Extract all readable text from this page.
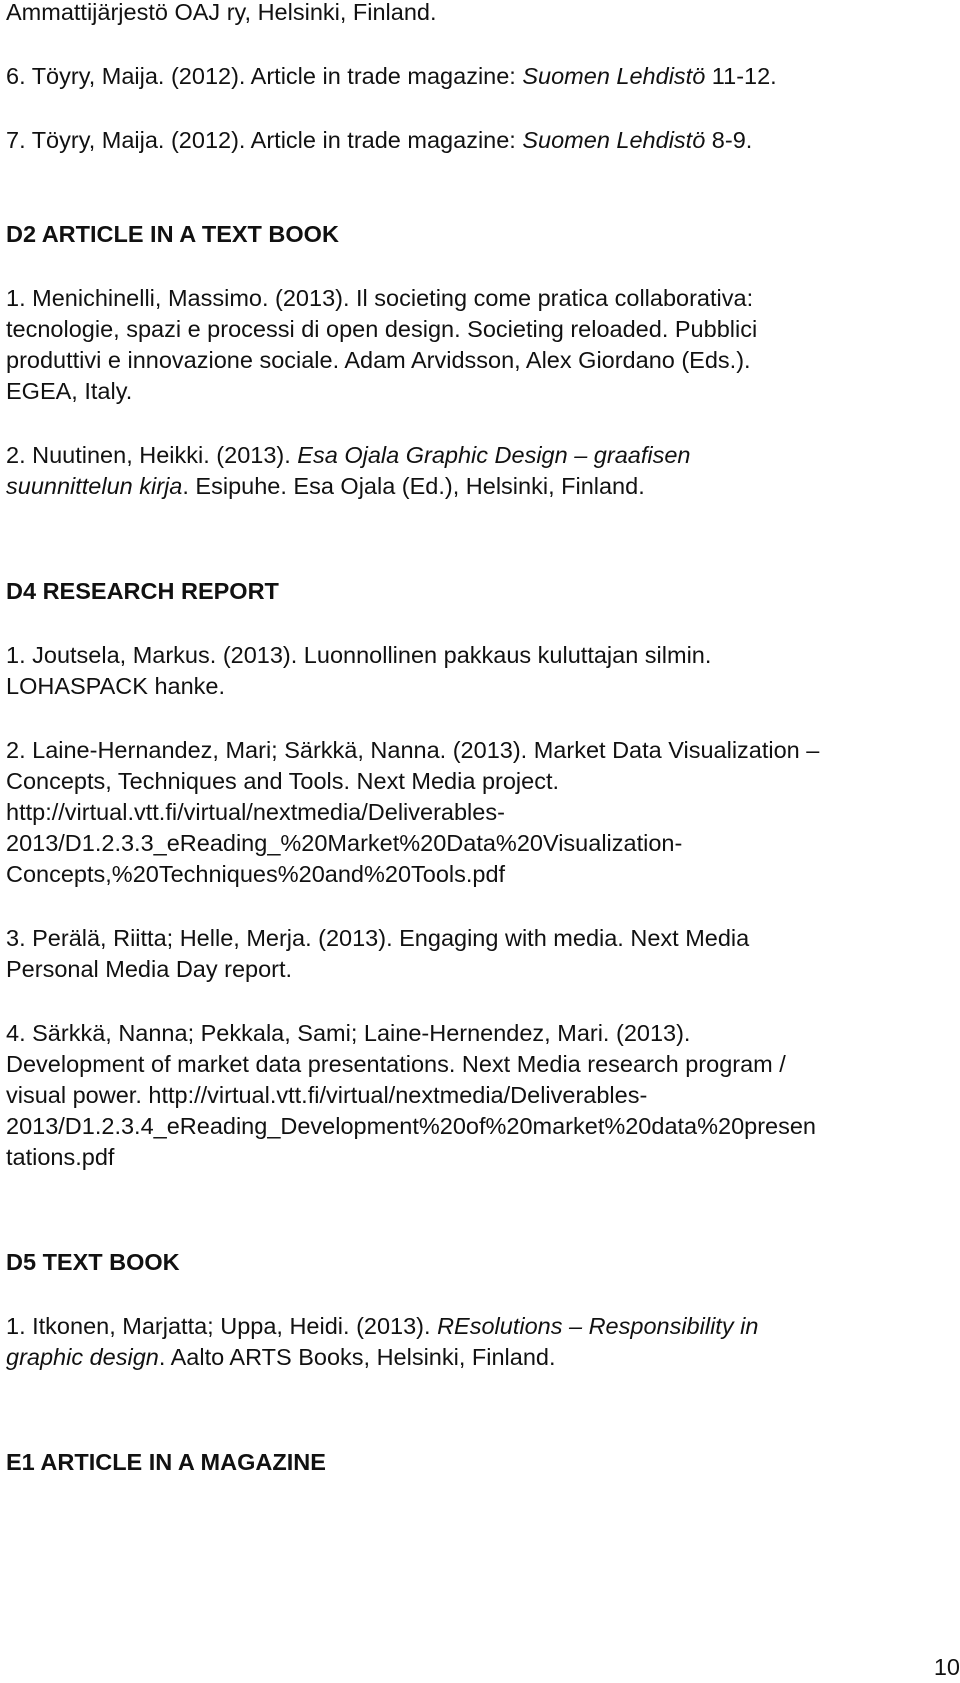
Ammattijärjestö OAJ ry, Helsinki, Finland.

6. Töyry, Maija. (2012). Article in trade magazine: Suomen Lehdistö 11-12.

7. Töyry, Maija. (2012). Article in trade magazine: Suomen Lehdistö 8-9.

D2 ARTICLE IN A TEXT BOOK

1. Menichinelli, Massimo. (2013). Il societing come pratica collaborativa:

tecnologie, spazi e processi di open design. Societing reloaded. Pubblici

produttivi e innovazione sociale. Adam Arvidsson, Alex Giordano (Eds.).

EGEA, Italy.

2. Nuutinen, Heikki. (2013). Esa Ojala Graphic Design – graafisen

suunnittelun kirja. Esipuhe. Esa Ojala (Ed.), Helsinki, Finland.

D4 RESEARCH REPORT

1. Joutsela, Markus. (2013). Luonnollinen pakkaus kuluttajan silmin.

LOHASPACK hanke.

2. Laine-Hernandez, Mari; Särkkä, Nanna. (2013). Market Data Visualization –

Concepts, Techniques and Tools. Next Media project.

http://virtual.vtt.fi/virtual/nextmedia/Deliverables-

2013/D1.2.3.3_eReading_%20Market%20Data%20Visualization-

Concepts,%20Techniques%20and%20Tools.pdf

3. Perälä, Riitta; Helle, Merja. (2013). Engaging with media. Next Media

Personal Media Day report.

4. Särkkä, Nanna; Pekkala, Sami; Laine-Hernendez, Mari. (2013).

Development of market data presentations. Next Media research program /

visual power. http://virtual.vtt.fi/virtual/nextmedia/Deliverables-

2013/D1.2.3.4_eReading_Development%20of%20market%20data%20presen

tations.pdf

D5 TEXT BOOK

1. Itkonen, Marjatta; Uppa, Heidi. (2013). REsolutions – Responsibility in

graphic design. Aalto ARTS Books, Helsinki, Finland.

E1 ARTICLE IN A MAGAZINE

10
